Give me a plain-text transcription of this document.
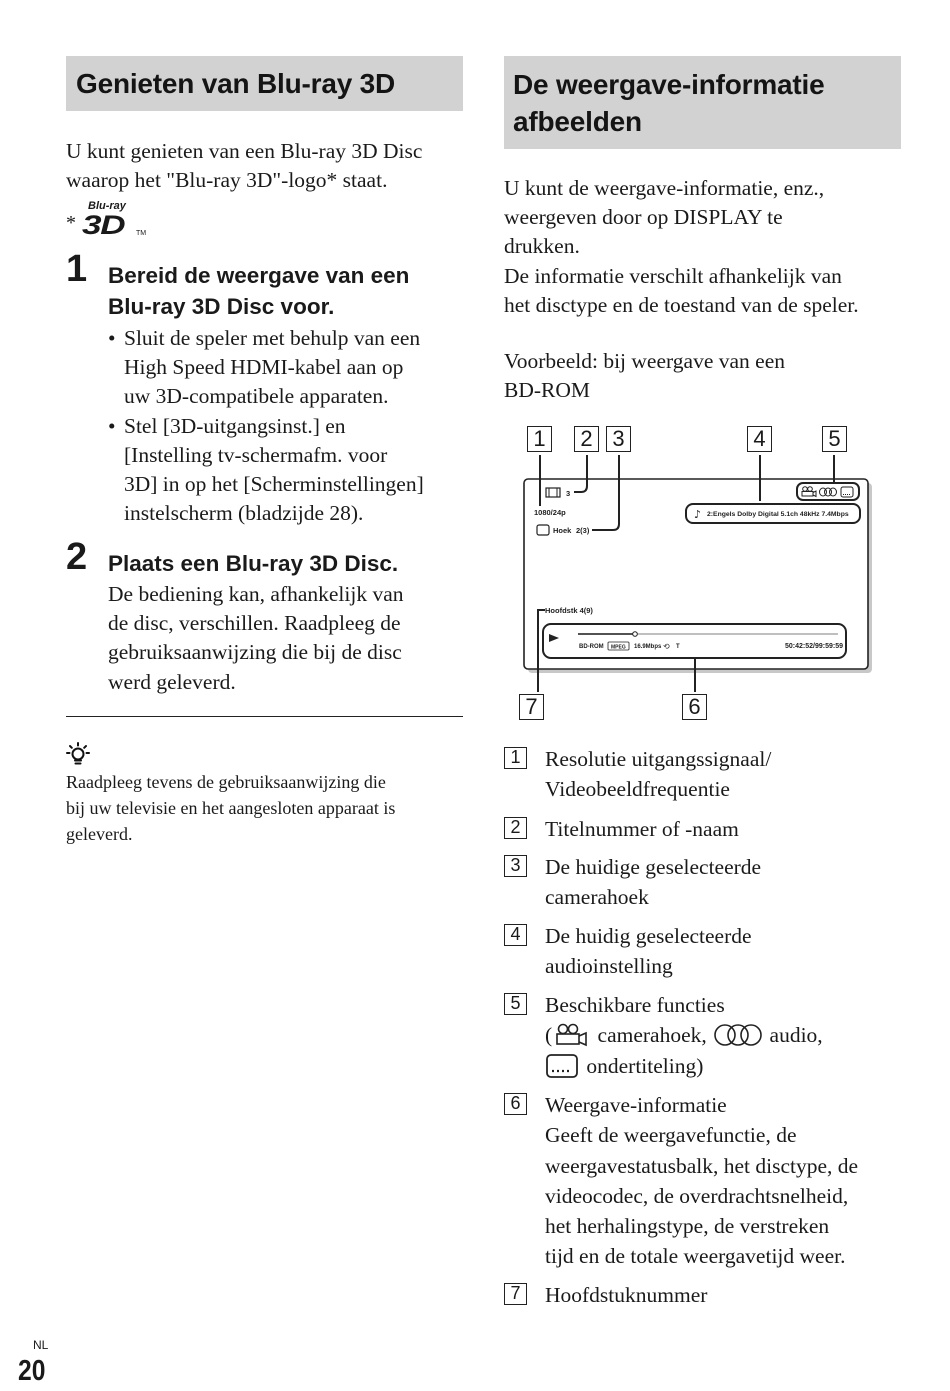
Genieten van Blu-ray 3D
U kunt genieten van een Blu-ray 3D Disc
waarop het "Blu-ray 3D"-logo* staat.
*
Blu-ray
3D TM
1 Bereid de weergave van een
Blu-ray 3D Disc voor.
• Sluit de speler met behulp van een
High Speed HDMI-kabel aan op
uw 3D-compatibele apparaten.
• Stel [3D-uitgangsinst.] en
[Instelling tv-schermafm. voor
3D] in op het [Scherminstellingen]
instelscherm (bladzijde 28).
2 Plaats een Blu-ray 3D Disc.
De bediening kan, afhankelijk van
de disc, verschillen. Raadpleeg de
gebruiksaanwijzing die bij de disc
werd geleverd.
Raadpleeg tevens de gebruiksaanwijzing die
bij uw televisie en het aangesloten apparaat is
geleverd.
De weergave-informatie
afbeelden
U kunt de weergave-informatie, enz.,
weergeven door op DISPLAY te
drukken.
De informatie verschilt afhankelijk van
het disctype en de toestand van de speler.
Voorbeeld: bij weergave van een
BD-ROM
3
1080/24p
Hoek 2(3)
♪ 2:Engels Dolby Digital 5.1ch 48kHz 7.4Mbps
Hoofdstk 4(9)
BD-ROM MPEG 16.9Mbps ⟲ T	50:42:52/99:59:59
1 2 3	4	5
6
7
1	Resolutie uitgangssignaal/
Videobeeldfrequentie
2	Titelnummer of -naam
3	De huidige geselecteerde
camerahoek
4	De huidig geselecteerde
audioinstelling
5	Beschikbare functies
( camerahoek,	audio,
ondertiteling)
6	Weergave-informatie
Geeft de weergavefunctie, de
weergavestatusbalk, het disctype, de
videocodec, de overdrachtsnelheid,
het herhalingstype, de verstreken
tijd en de totale weergavetijd weer.
7	Hoofdstuknummer
NL
20
